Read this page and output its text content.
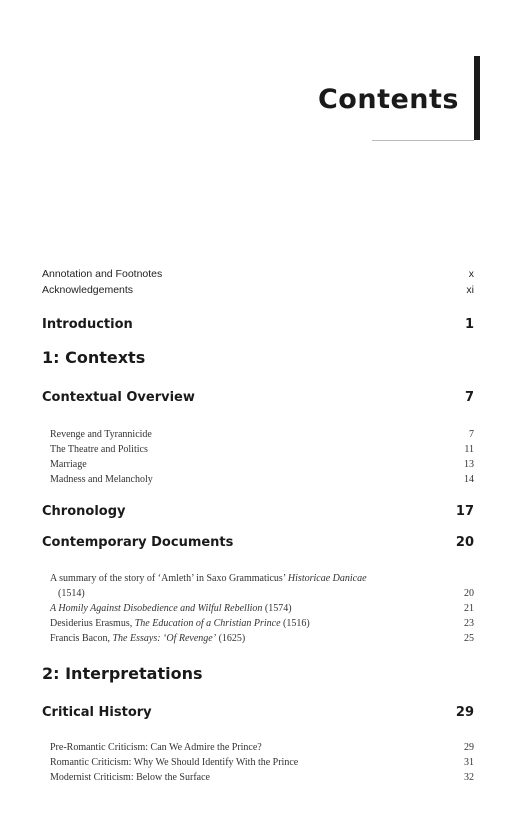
Contents
Annotation and Footnotes	x
Acknowledgements	xi
Introduction	1
1: Contexts
Contextual Overview	7
Revenge and Tyrannicide	7
The Theatre and Politics	11
Marriage	13
Madness and Melancholy	14
Chronology	17
Contemporary Documents	20
A summary of the story of ‘Amleth’ in Saxo Grammaticus’ Historicae Danicae
(1514)	20
A Homily Against Disobedience and Wilful Rebellion (1574)	21
Desiderius Erasmus, The Education of a Christian Prince (1516)	23
Francis Bacon, The Essays: ‘Of Revenge’ (1625)	25
2: Interpretations
Critical History	29
Pre-Romantic Criticism: Can We Admire the Prince?	29
Romantic Criticism: Why We Should Identify With the Prince	31
Modernist Criticism: Below the Surface	32
